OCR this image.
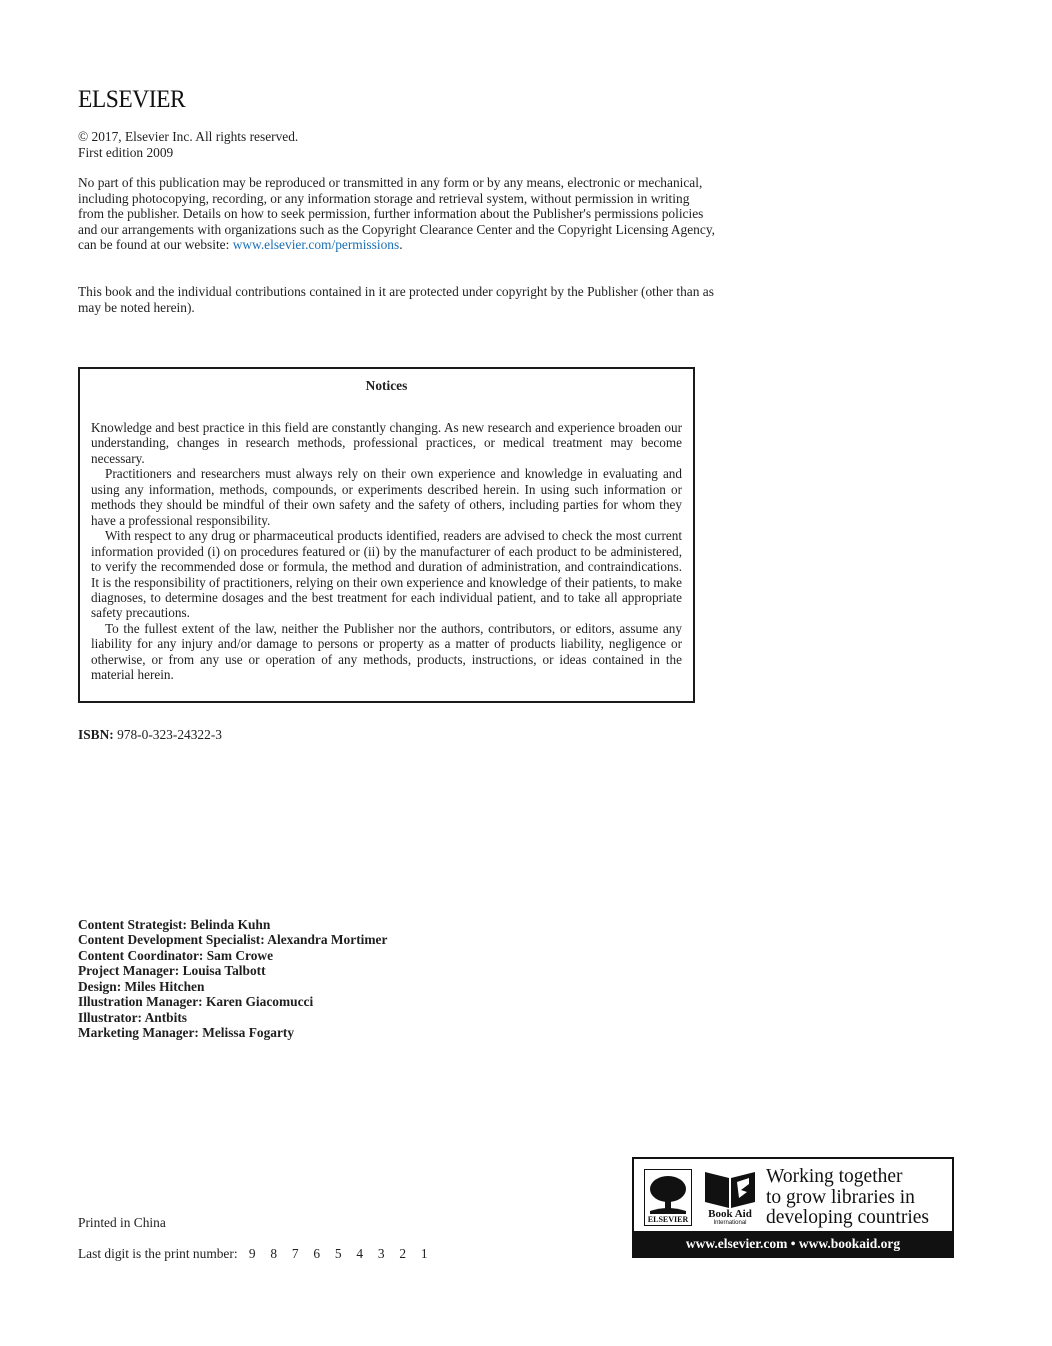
ELSEVIER
© 2017, Elsevier Inc. All rights reserved.
First edition 2009
No part of this publication may be reproduced or transmitted in any form or by any means, electronic or mechanical, including photocopying, recording, or any information storage and retrieval system, without permission in writing from the publisher. Details on how to seek permission, further information about the Publisher's permissions policies and our arrangements with organizations such as the Copyright Clearance Center and the Copyright Licensing Agency, can be found at our website: www.elsevier.com/permissions.
This book and the individual contributions contained in it are protected under copyright by the Publisher (other than as may be noted herein).
Notices

Knowledge and best practice in this field are constantly changing. As new research and experience broaden our understanding, changes in research methods, professional practices, or medical treatment may become necessary.

Practitioners and researchers must always rely on their own experience and knowledge in evaluating and using any information, methods, compounds, or experiments described herein. In using such information or methods they should be mindful of their own safety and the safety of others, including parties for whom they have a professional responsibility.

With respect to any drug or pharmaceutical products identified, readers are advised to check the most current information provided (i) on procedures featured or (ii) by the manufacturer of each product to be administered, to verify the recommended dose or formula, the method and duration of administration, and contraindications. It is the responsibility of practitioners, relying on their own experience and knowledge of their patients, to make diagnoses, to determine dosages and the best treatment for each individual patient, and to take all appropriate safety precautions.

To the fullest extent of the law, neither the Publisher nor the authors, contributors, or editors, assume any liability for any injury and/or damage to persons or property as a matter of products liability, negligence or otherwise, or from any use or operation of any methods, products, instructions, or ideas contained in the material herein.

ISBN: 978-0-323-24322-3
Content Strategist: Belinda Kuhn
Content Development Specialist: Alexandra Mortimer
Content Coordinator: Sam Crowe
Project Manager: Louisa Talbott
Design: Miles Hitchen
Illustration Manager: Karen Giacomucci
Illustrator: Antbits
Marketing Manager: Melissa Fogarty
Printed in China
Last digit is the print number: 9 8 7 6 5 4 3 2 1
ELSEVIER Book Aid
International
Working together
to grow libraries in
developing countries
www.elsevier.com • www.bookaid.org
